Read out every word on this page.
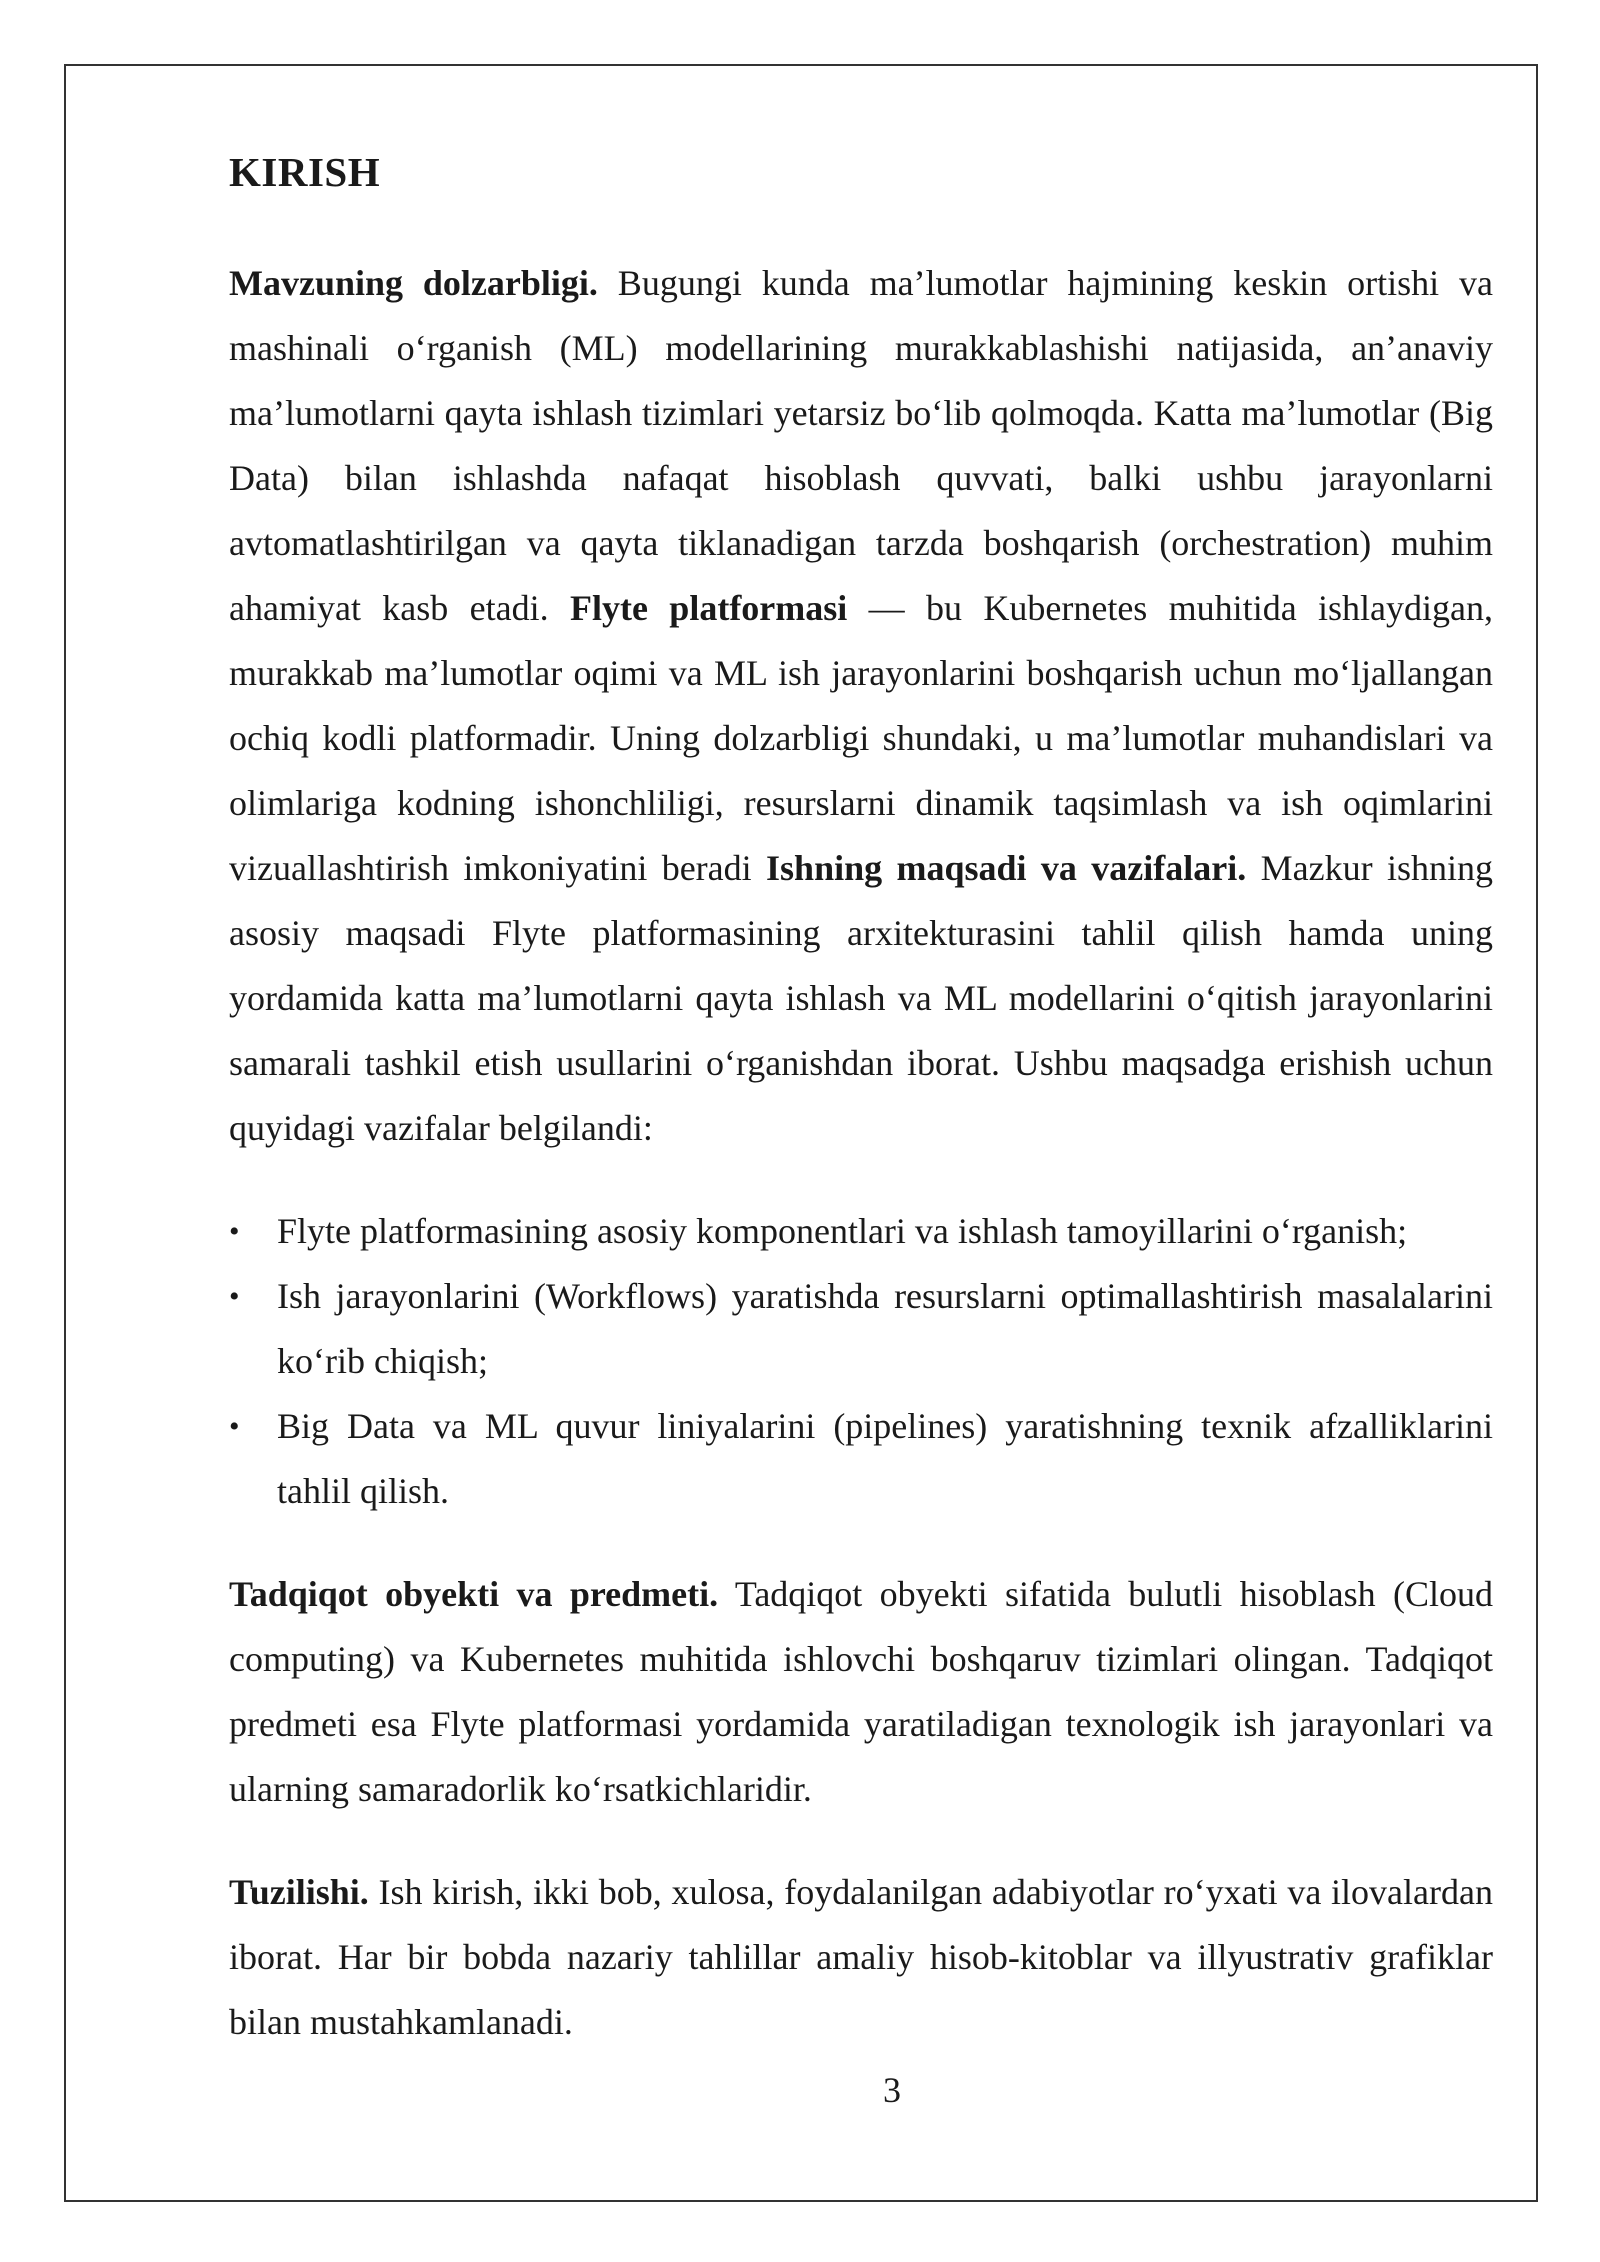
KIRISH

Mavzuning dolzarbligi. Bugungi kunda ma’lumotlar hajmining keskin ortishi va mashinali o‘rganish (ML) modellarining murakkablashishi natijasida, an’anaviy ma’lumotlarni qayta ishlash tizimlari yetarsiz bo‘lib qolmoqda. Katta ma’lumotlar (Big Data) bilan ishlashda nafaqat hisoblash quvvati, balki ushbu jarayonlarni avtomatlashtirilgan va qayta tiklanadigan tarzda boshqarish (orchestration) muhim ahamiyat kasb etadi. Flyte platformasi — bu Kubernetes muhitida ishlaydigan, murakkab ma’lumotlar oqimi va ML ish jarayonlarini boshqarish uchun mo‘ljallangan ochiq kodli platformadir. Uning dolzarbligi shundaki, u ma’lumotlar muhandislari va olimlariga kodning ishonchliligi, resurslarni dinamik taqsimlash va ish oqimlarini vizuallashtirish imkoniyatini beradi Ishning maqsadi va vazifalari. Mazkur ishning asosiy maqsadi Flyte platformasining arxitekturasini tahlil qilish hamda uning yordamida katta ma’lumotlarni qayta ishlash va ML modellarini o‘qitish jarayonlarini samarali tashkil etish usullarini o‘rganishdan iborat. Ushbu maqsadga erishish uchun quyidagi vazifalar belgilandi:

• Flyte platformasining asosiy komponentlari va ishlash tamoyillarini o‘rganish;
• Ish jarayonlarini (Workflows) yaratishda resurslarni optimallashtirish masalalarini ko‘rib chiqish;
• Big Data va ML quvur liniyalarini (pipelines) yaratishning texnik afzalliklarini tahlil qilish.

Tadqiqot obyekti va predmeti. Tadqiqot obyekti sifatida bulutli hisoblash (Cloud computing) va Kubernetes muhitida ishlovchi boshqaruv tizimlari olingan. Tadqiqot predmeti esa Flyte platformasi yordamida yaratiladigan texnologik ish jarayonlari va ularning samaradorlik ko‘rsatkichlaridir.

Tuzilishi. Ish kirish, ikki bob, xulosa, foydalanilgan adabiyotlar ro‘yxati va ilovalardan iborat. Har bir bobda nazariy tahlillar amaliy hisob-kitoblar va illyustrativ grafiklar bilan mustahkamlanadi.

3
